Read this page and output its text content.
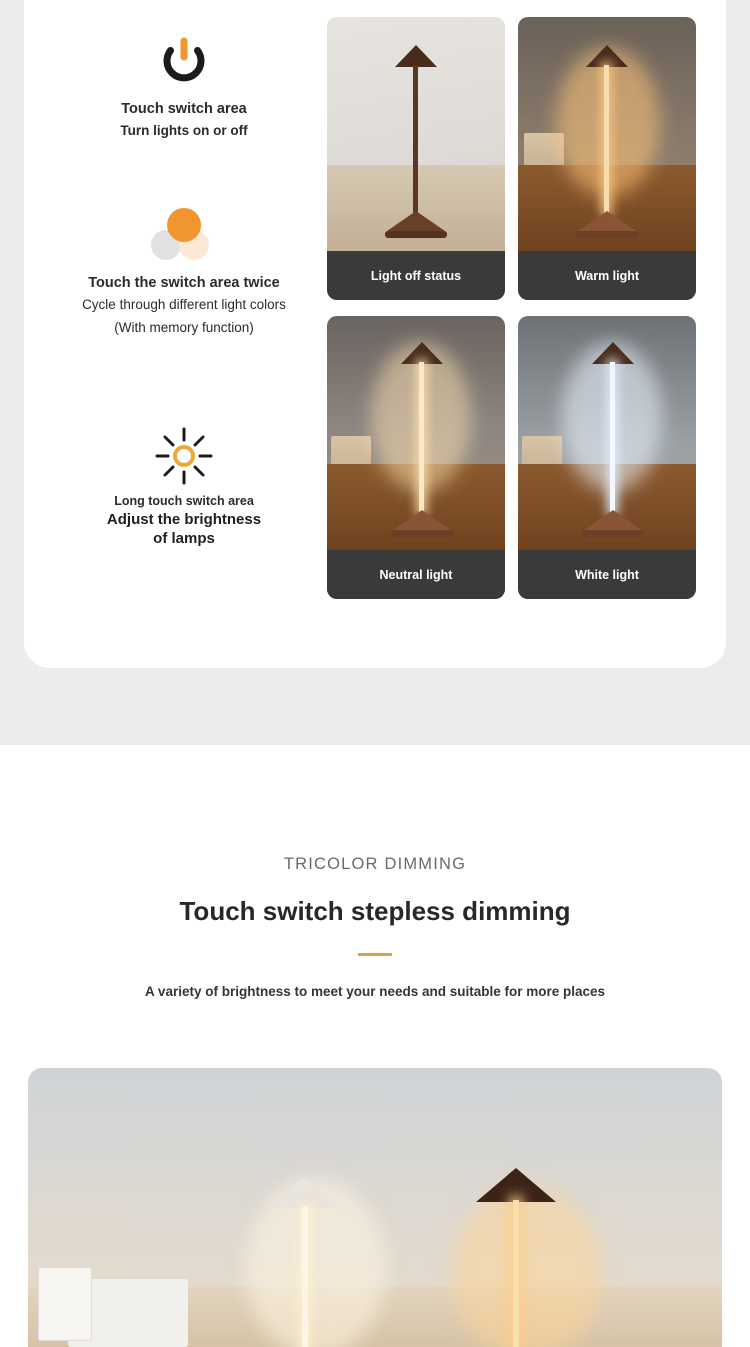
Touch switch area
Turn lights on or off
Touch the switch area twice
Cycle through different light colors
(With memory function)
Long touch switch area
Adjust the brightness
of lamps
Light off status	Warm light
Neutral light	White light
TRICOLOR DIMMING
Touch switch stepless dimming
A variety of brightness to meet your needs and suitable for more places
